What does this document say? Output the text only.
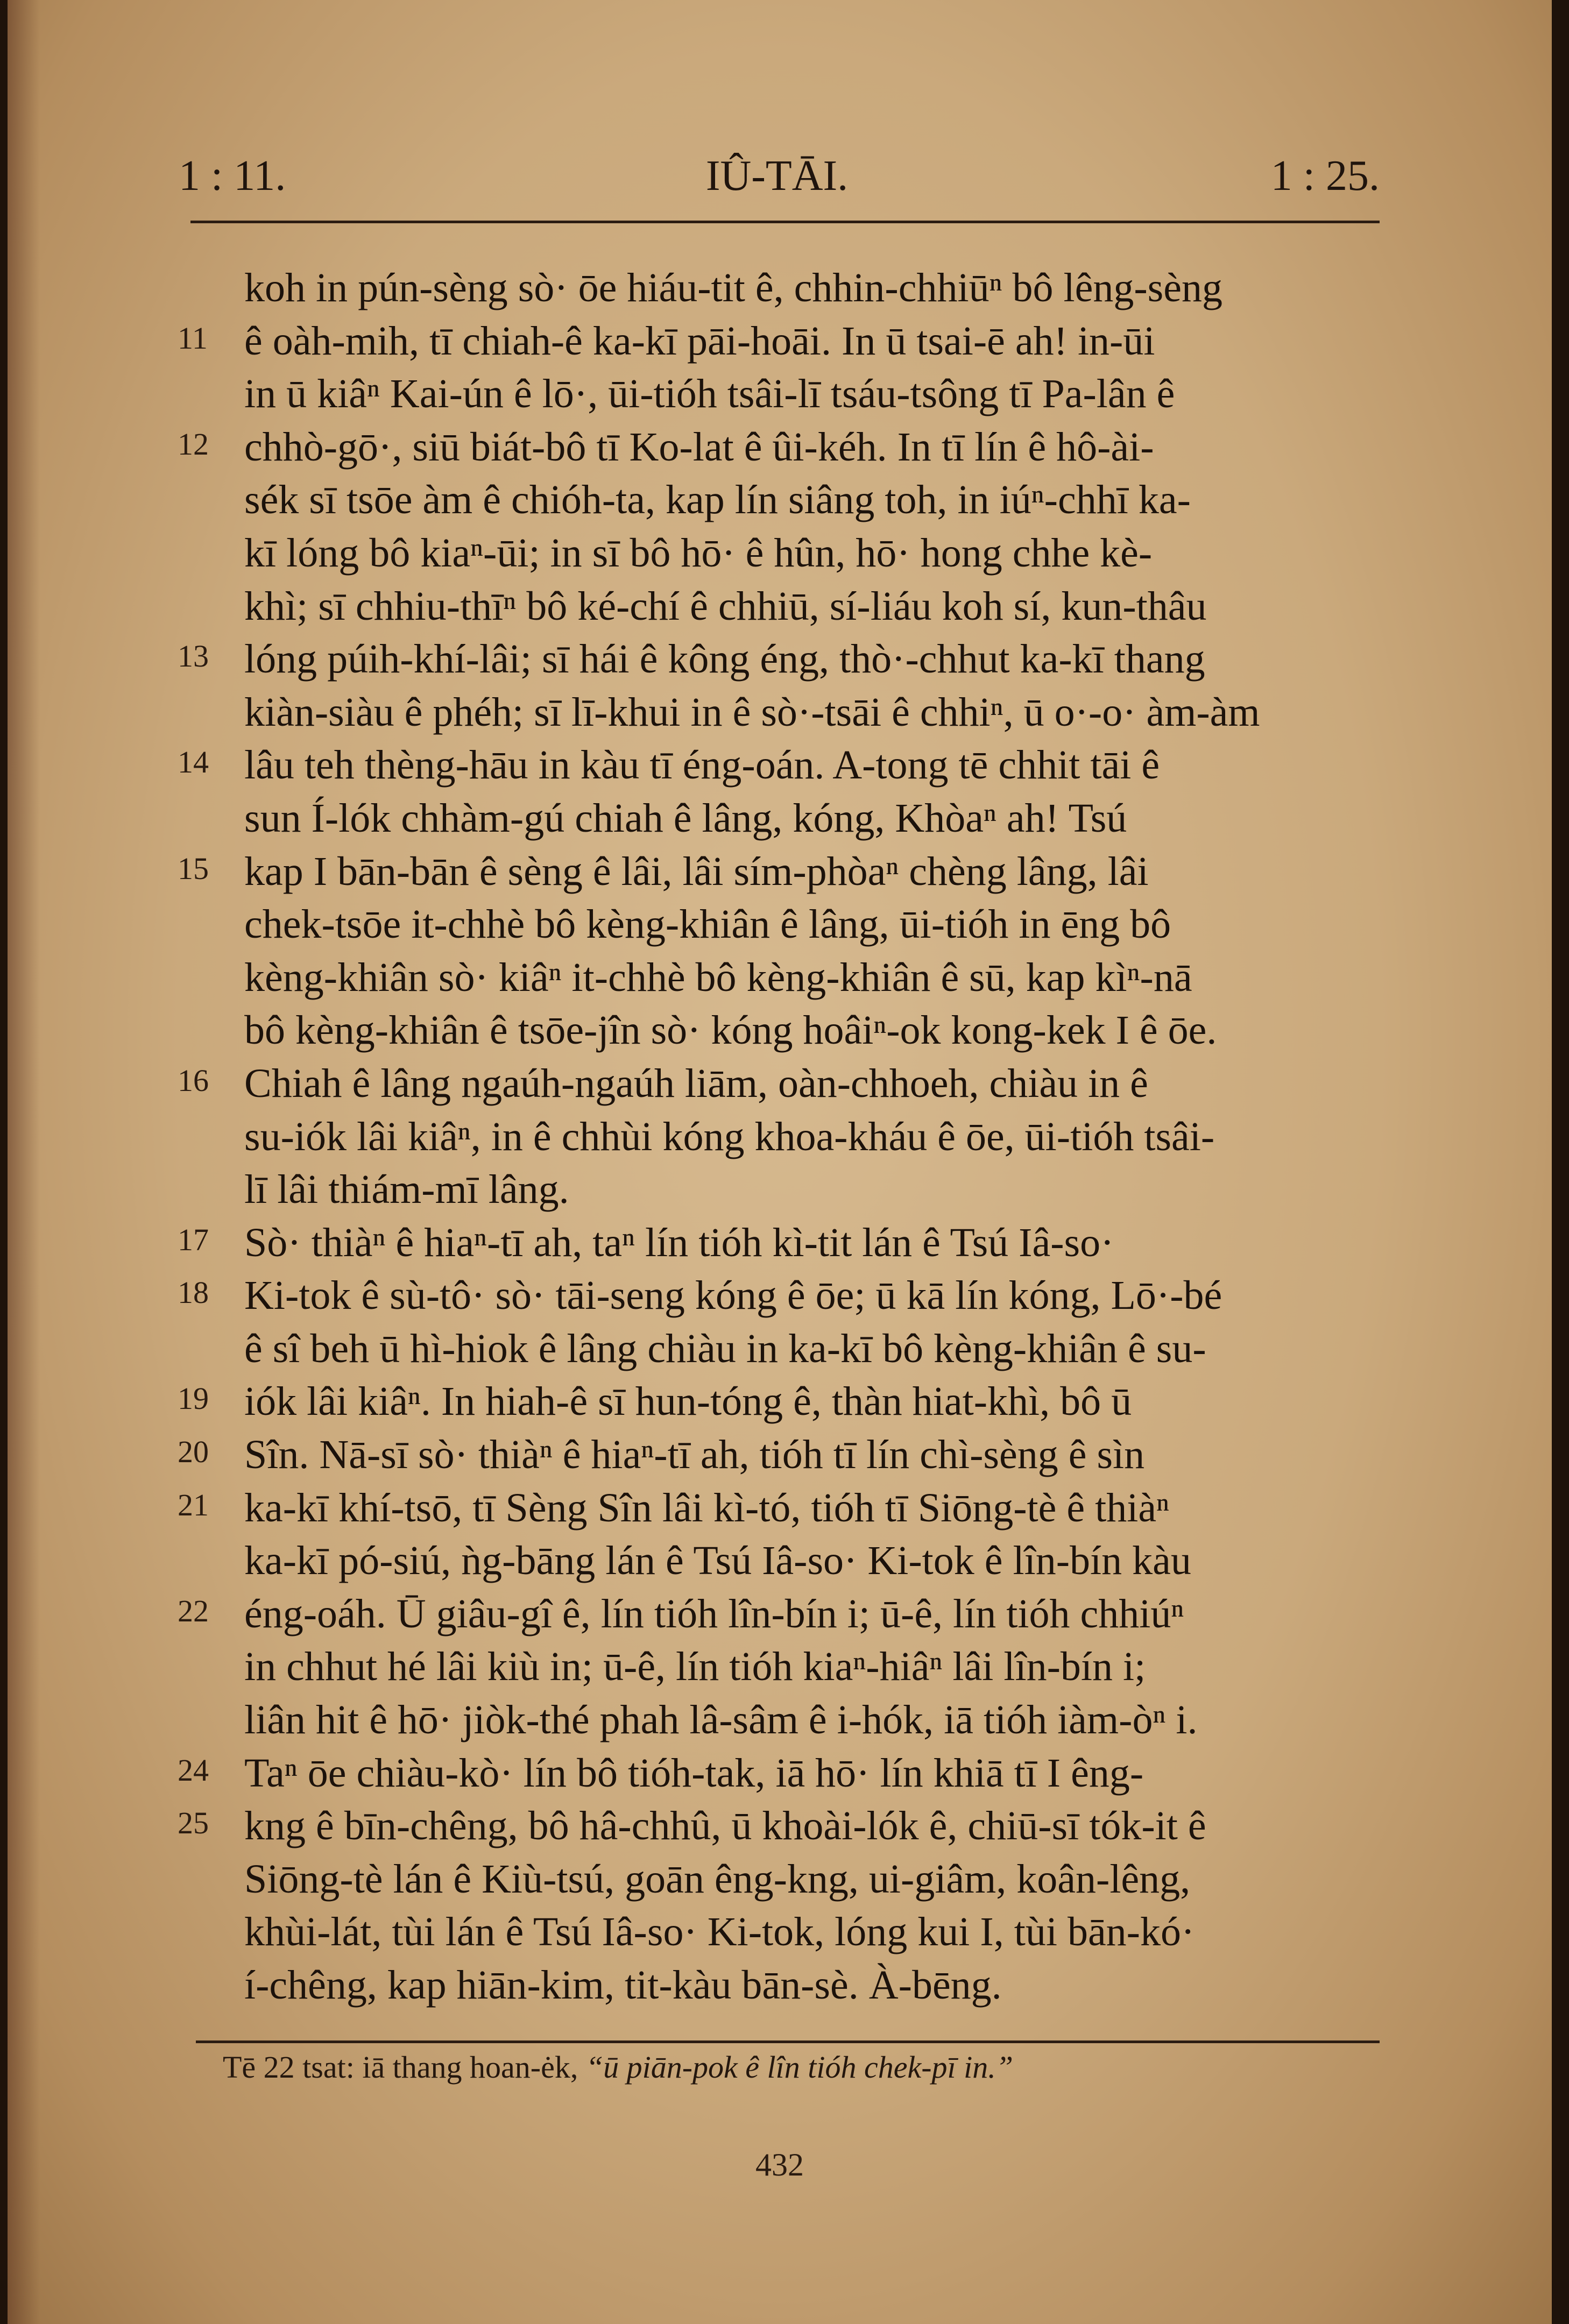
1 : 11.	IÛ-TĀI.	1 : 25.
koh in pún-sèng sò· ōe hiáu-tit ê, chhin-chhiūⁿ bô lêng-sèng
11 ê oàh-mih, tī chiah-ê ka-kī pāi-hoāi. In ū tsai-ē ah! in-ūi
in ū kiâⁿ Kai-ún ê lō·, ūi-tióh tsâi-lī tsáu-tsông tī Pa-lân ê
12 chhò-gō·, siū biát-bô tī Ko-lat ê ûi-kéh. In tī lín ê hô-ài-
sék sī tsōe àm ê chióh-ta, kap lín siâng toh, in iúⁿ-chhī ka-
kī lóng bô kiaⁿ-ūi; in sī bô hō· ê hûn, hō· hong chhe kè-
khì; sī chhiu-thīⁿ bô ké-chí ê chhiū, sí-liáu koh sí, kun-thâu
13 lóng púih-khí-lâi; sī hái ê kông éng, thò·-chhut ka-kī thang
kiàn-siàu ê phéh; sī lī-khui in ê sò·-tsāi ê chhiⁿ, ū o·-o· àm-àm
14 lâu teh thèng-hāu in kàu tī éng-oán. A-tong tē chhit tāi ê
sun Í-lók chhàm-gú chiah ê lâng, kóng, Khòaⁿ ah! Tsú
15 kap I bān-bān ê sèng ê lâi, lâi sím-phòaⁿ chèng lâng, lâi
chek-tsōe it-chhè bô kèng-khiân ê lâng, ūi-tióh in ēng bô
kèng-khiân sò· kiâⁿ it-chhè bô kèng-khiân ê sū, kap kìⁿ-nā
bô kèng-khiân ê tsōe-jîn sò· kóng hoâiⁿ-ok kong-kek I ê ōe.
16 Chiah ê lâng ngaúh-ngaúh liām, oàn-chhoeh, chiàu in ê
su-iók lâi kiâⁿ, in ê chhùi kóng khoa-kháu ê ōe, ūi-tióh tsâi-
lī lâi thiám-mī lâng.
17 Sò· thiàⁿ ê hiaⁿ-tī ah, taⁿ lín tióh kì-tit lán ê Tsú Iâ-so·
18 Ki-tok ê sù-tô· sò· tāi-seng kóng ê ōe; ū kā lín kóng, Lō·-bé
ê sî beh ū hì-hiok ê lâng chiàu in ka-kī bô kèng-khiân ê su-
19 iók lâi kiâⁿ. In hiah-ê sī hun-tóng ê, thàn hiat-khì, bô ū
20 Sîn. Nā-sī sò· thiàⁿ ê hiaⁿ-tī ah, tióh tī lín chì-sèng ê sìn
21 ka-kī khí-tsō, tī Sèng Sîn lâi kì-tó, tióh tī Siōng-tè ê thiàⁿ
ka-kī pó-siú, ǹg-bāng lán ê Tsú Iâ-so· Ki-tok ê lîn-bín kàu
22 éng-oáh. Ū giâu-gî ê, lín tióh lîn-bín i; ū-ê, lín tióh chhiúⁿ
in chhut hé lâi kiù in; ū-ê, lín tióh kiaⁿ-hiâⁿ lâi lîn-bín i;
liân hit ê hō· jiòk-thé phah lâ-sâm ê i-hók, iā tióh iàm-òⁿ i.
24 Taⁿ ōe chiàu-kò· lín bô tióh-tak, iā hō· lín khiā tī I êng-
25 kng ê bīn-chêng, bô hâ-chhû, ū khoài-lók ê, chiū-sī tók-it ê
Siōng-tè lán ê Kiù-tsú, goān êng-kng, ui-giâm, koân-lêng,
khùi-lát, tùi lán ê Tsú Iâ-so· Ki-tok, lóng kui I, tùi bān-kó·
í-chêng, kap hiān-kim, tit-kàu bān-sè. À-bēng.
Tē 22 tsat: iā thang hoan-ėk, “ū piān-pok ê lîn tióh chek-pī in.”
432
